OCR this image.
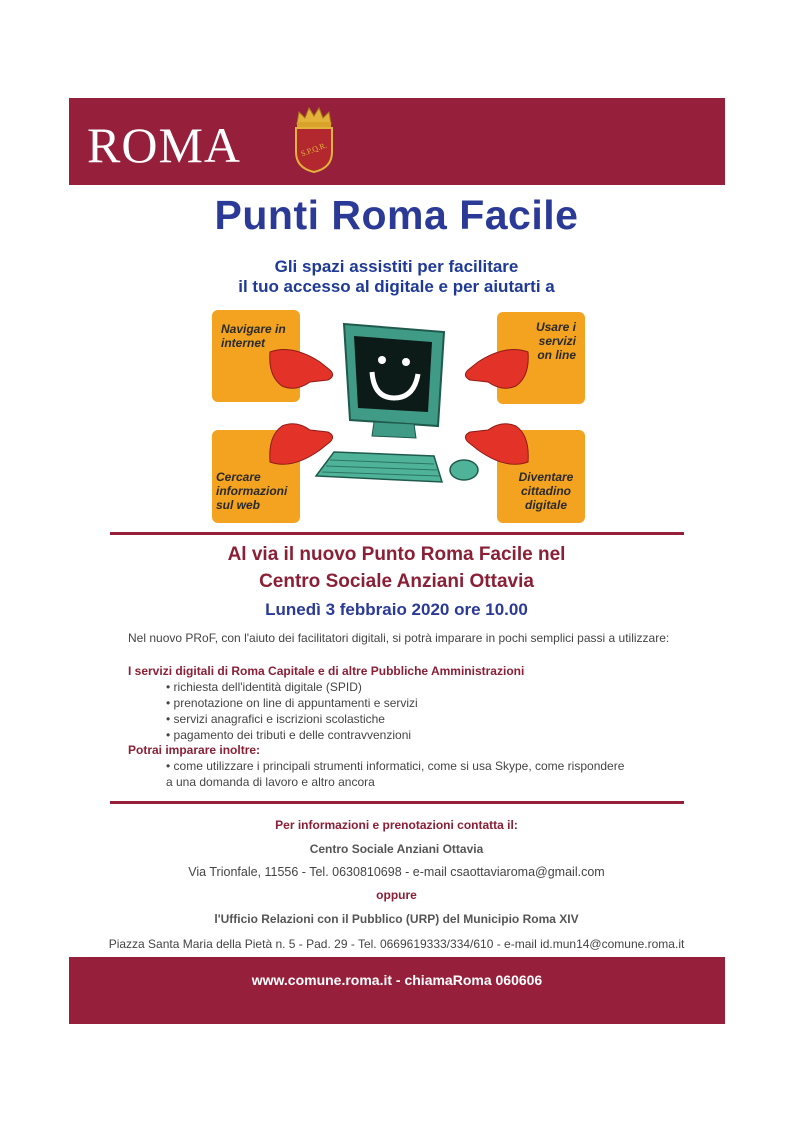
ROMA	S.P.Q.R.
Punti Roma Facile
Gli spazi assistiti per facilitare
il tuo accesso al digitale e per aiutarti a
Navigare in
internet
Usare i
servizi
on line
Cercare
informazioni
sul web
Diventare
cittadino
digitale
Al via il nuovo Punto Roma Facile nel
Centro Sociale Anziani Ottavia
Lunedì 3 febbraio 2020 ore 10.00
Nel nuovo PRoF, con l'aiuto dei facilitatori digitali, si potrà imparare in pochi semplici passi a utilizzare:
I servizi digitali di Roma Capitale e di altre Pubbliche Amministrazioni
• richiesta dell'identità digitale (SPID)
• prenotazione on line di appuntamenti e servizi
• servizi anagrafici e iscrizioni scolastiche
• pagamento dei tributi e delle contravvenzioni
Potrai imparare inoltre:
• come utilizzare i principali strumenti informatici, come si usa Skype, come rispondere
a una domanda di lavoro e altro ancora
Per informazioni e prenotazioni contatta il:
Centro Sociale Anziani Ottavia
Via Trionfale, 11556 - Tel. 0630810698 - e-mail csaottaviaroma@gmail.com
oppure
l'Ufficio Relazioni con il Pubblico (URP) del Municipio Roma XIV
Piazza Santa Maria della Pietà n. 5 - Pad. 29 - Tel. 0669619333/334/610 - e-mail id.mun14@comune.roma.it
www.comune.roma.it - chiamaRoma 060606
